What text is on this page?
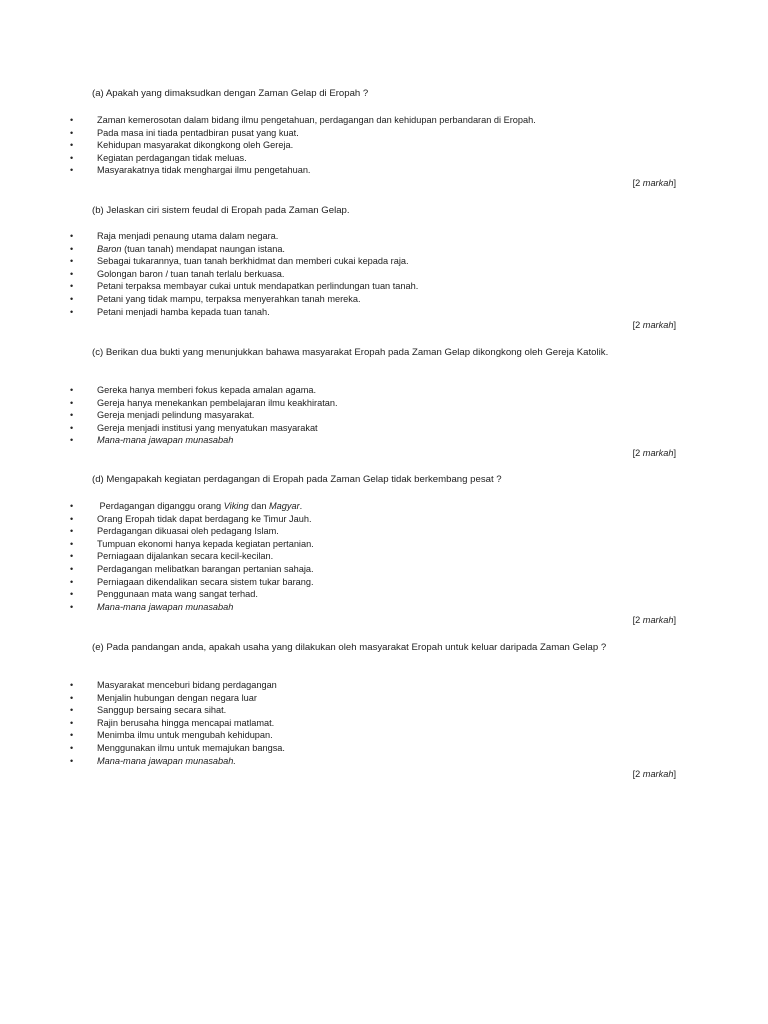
(a) Apakah yang dimaksudkan dengan Zaman Gelap di Eropah ?
•	Zaman kemerosotan dalam bidang ilmu pengetahuan, perdagangan dan kehidupan perbandaran di Eropah.
•	Pada masa ini tiada pentadbiran pusat yang kuat.
•	Kehidupan masyarakat dikongkong oleh Gereja.
•	Kegiatan perdagangan tidak meluas.
•	Masyarakatnya tidak menghargai ilmu pengetahuan.
[2 markah]
(b) Jelaskan ciri sistem feudal di Eropah pada Zaman Gelap.
•	Raja menjadi penaung utama dalam negara.
•	Baron (tuan tanah) mendapat naungan istana.
•	Sebagai tukarannya, tuan tanah berkhidmat dan memberi cukai kepada raja.
•	Golongan baron / tuan tanah terlalu berkuasa.
•	Petani terpaksa membayar cukai untuk mendapatkan perlindungan tuan tanah.
•	Petani yang tidak mampu, terpaksa menyerahkan tanah mereka.
•	Petani menjadi hamba kepada tuan tanah.
[2 markah]
(c) Berikan dua bukti yang menunjukkan bahawa masyarakat Eropah pada Zaman Gelap dikongkong oleh Gereja Katolik.
•	Gereka hanya memberi fokus kepada amalan agama.
•	Gereja hanya menekankan pembelajaran ilmu keakhiratan.
•	Gereja menjadi pelindung masyarakat.
•	Gereja menjadi institusi yang menyatukan masyarakat
•	Mana-mana jawapan munasabah
[2 markah]
(d) Mengapakah kegiatan perdagangan di Eropah pada Zaman Gelap tidak berkembang pesat ?
•	Perdagangan diganggu orang Viking dan Magyar.
•	Orang Eropah tidak dapat berdagang ke Timur Jauh.
•	Perdagangan dikuasai oleh pedagang Islam.
•	Tumpuan ekonomi hanya kepada kegiatan pertanian.
•	Perniagaan dijalankan secara kecil-kecilan.
•	Perdagangan melibatkan barangan pertanian sahaja.
•	Perniagaan dikendalikan secara sistem tukar barang.
•	Penggunaan mata wang sangat terhad.
•	Mana-mana jawapan munasabah
[2 markah]
(e) Pada pandangan anda, apakah usaha yang dilakukan oleh masyarakat Eropah untuk keluar daripada Zaman Gelap ?
•	Masyarakat menceburi bidang perdagangan
•	Menjalin hubungan dengan negara luar
•	Sanggup bersaing secara sihat.
•	Rajin berusaha hingga mencapai matlamat.
•	Menimba ilmu untuk mengubah kehidupan.
•	Menggunakan ilmu untuk memajukan bangsa.
•	Mana-mana jawapan munasabah.
[2 markah]
